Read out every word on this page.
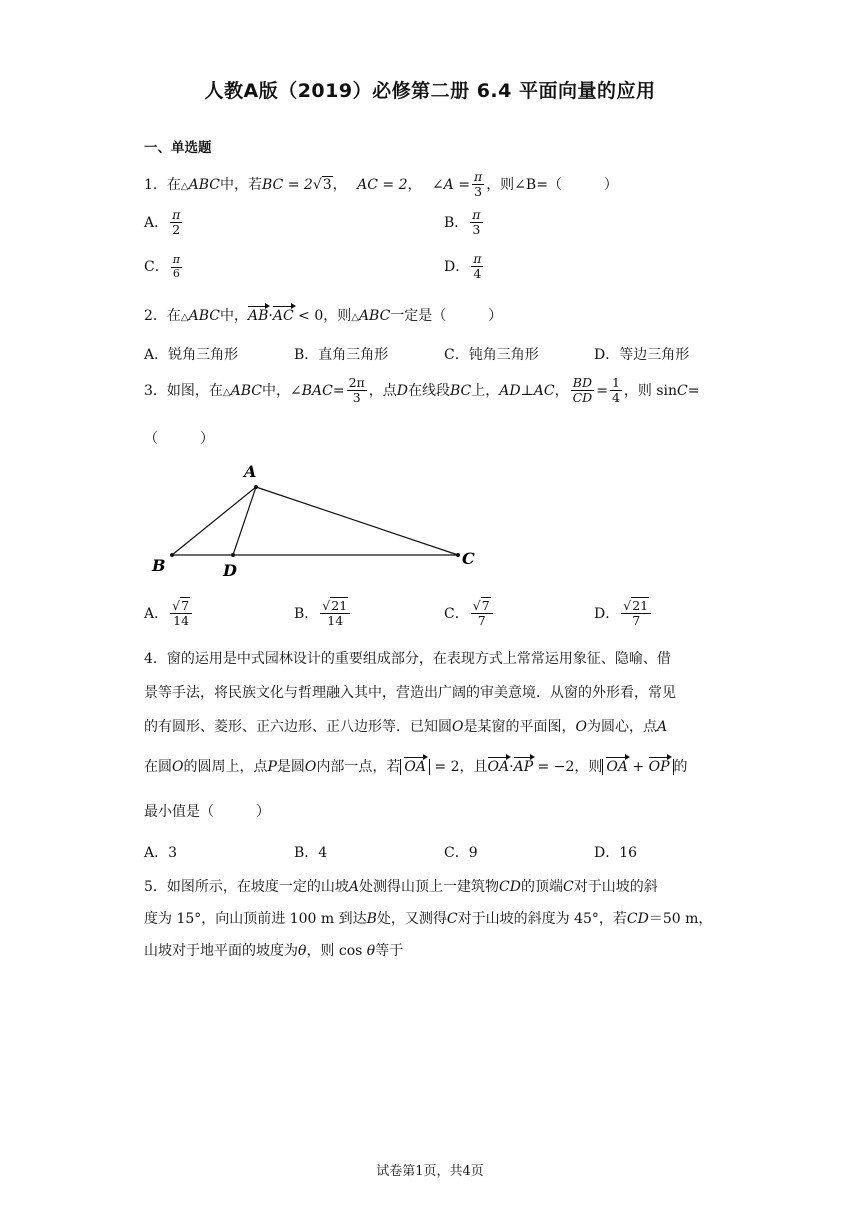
人教A版（2019）必修第二册 6.4 平面向量的应用
一、单选题
1．在△ABC中，若BC = 2√3， AC = 2， ∠A = $\frac{\pi}{3}$ ，则∠B=（　　　）
A． $\frac{\pi}{2}$	B． $\frac{\pi}{3}$
C． $\frac{\pi}{6}$	D． $\frac{\pi}{4}$
2．在△ABC中，AB·AC < 0，则△ABC一定是（　　　）
A．锐角三角形	B．直角三角形	C．钝角三角形	D．等边三角形
3．如图，在△ABC中，∠BAC= $\frac{2\pi}{3}$ ，点D在线段BC上，AD⊥AC， $\frac{BD}{CD} = \frac{1}{4}$ ，则 sinC=
（　　　）
A
B	C
D
A． $\frac{√7}{14}$	B． $\frac{√21}{14}$	C． $\frac{√7}{7}$	D． $\frac{√21}{7}$
4．窗的运用是中式园林设计的重要组成部分，在表现方式上常常运用象征、隐喻、借
景等手法，将民族文化与哲理融入其中，营造出广阔的审美意境．从窗的外形看，常见
的有圆形、菱形、正六边形、正八边形等．已知圆O是某窗的平面图，O为圆心，点A
在圆O的圆周上，点P是圆O内部一点，若 OA = 2，且OA·AP = −2，则 OA + OP 的
最小值是（　　　）
A．3	B．4	C．9	D．16
5．如图所示，在坡度一定的山坡A处测得山顶上一建筑物CD的顶端C对于山坡的斜
度为 15°，向山顶前进 100 m 到达B处，又测得C对于山坡的斜度为 45°，若CD＝50 m，
山坡对于地平面的坡度为θ，则 cos θ等于
试卷第1页，共4页
